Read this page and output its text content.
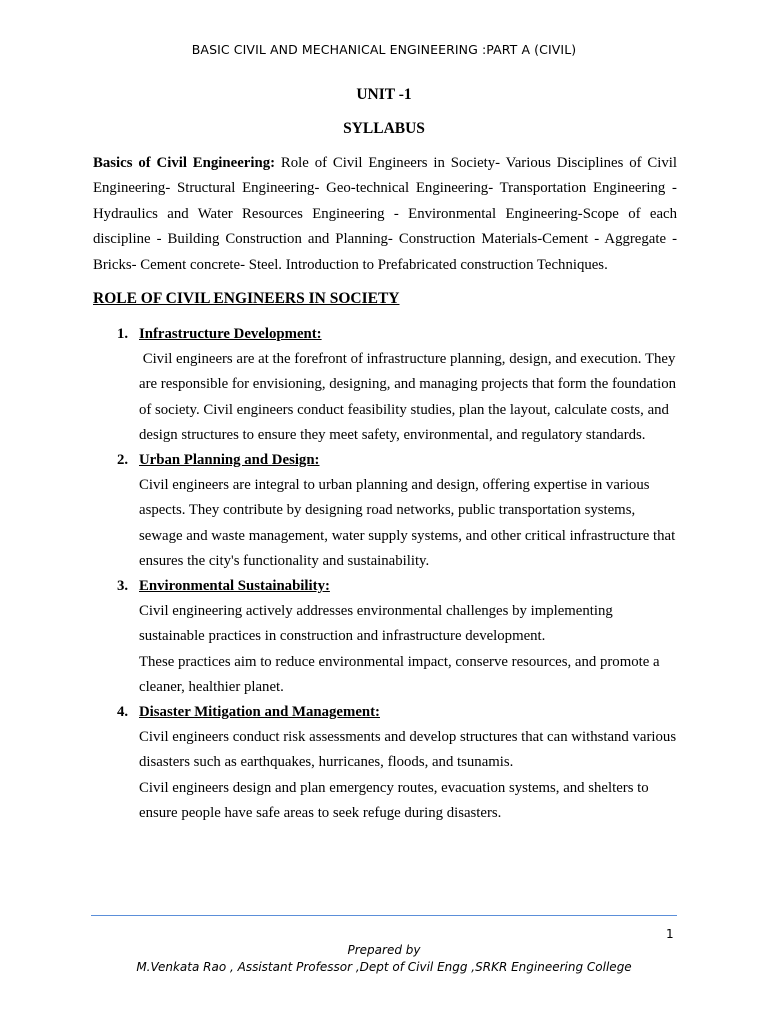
BASIC CIVIL AND MECHANICAL ENGINEERING :PART A (CIVIL)
UNIT -1
SYLLABUS
Basics of Civil Engineering: Role of Civil Engineers in Society- Various Disciplines of Civil Engineering- Structural Engineering- Geo-technical Engineering- Transportation Engineering - Hydraulics and Water Resources Engineering - Environmental Engineering-Scope of each discipline - Building Construction and Planning- Construction Materials-Cement - Aggregate - Bricks- Cement concrete- Steel. Introduction to Prefabricated construction Techniques.
ROLE OF CIVIL ENGINEERS IN SOCIETY
1. Infrastructure Development:
Civil engineers are at the forefront of infrastructure planning, design, and execution. They are responsible for envisioning, designing, and managing projects that form the foundation of society. Civil engineers conduct feasibility studies, plan the layout, calculate costs, and design structures to ensure they meet safety, environmental, and regulatory standards.
2. Urban Planning and Design:
Civil engineers are integral to urban planning and design, offering expertise in various aspects. They contribute by designing road networks, public transportation systems, sewage and waste management, water supply systems, and other critical infrastructure that ensures the city's functionality and sustainability.
3. Environmental Sustainability:
Civil engineering actively addresses environmental challenges by implementing sustainable practices in construction and infrastructure development.
These practices aim to reduce environmental impact, conserve resources, and promote a cleaner, healthier planet.
4. Disaster Mitigation and Management:
Civil engineers conduct risk assessments and develop structures that can withstand various disasters such as earthquakes, hurricanes, floods, and tsunamis.
Civil engineers design and plan emergency routes, evacuation systems, and shelters to ensure people have safe areas to seek refuge during disasters.
1
Prepared by
M.Venkata Rao , Assistant Professor ,Dept of Civil Engg ,SRKR Engineering College
